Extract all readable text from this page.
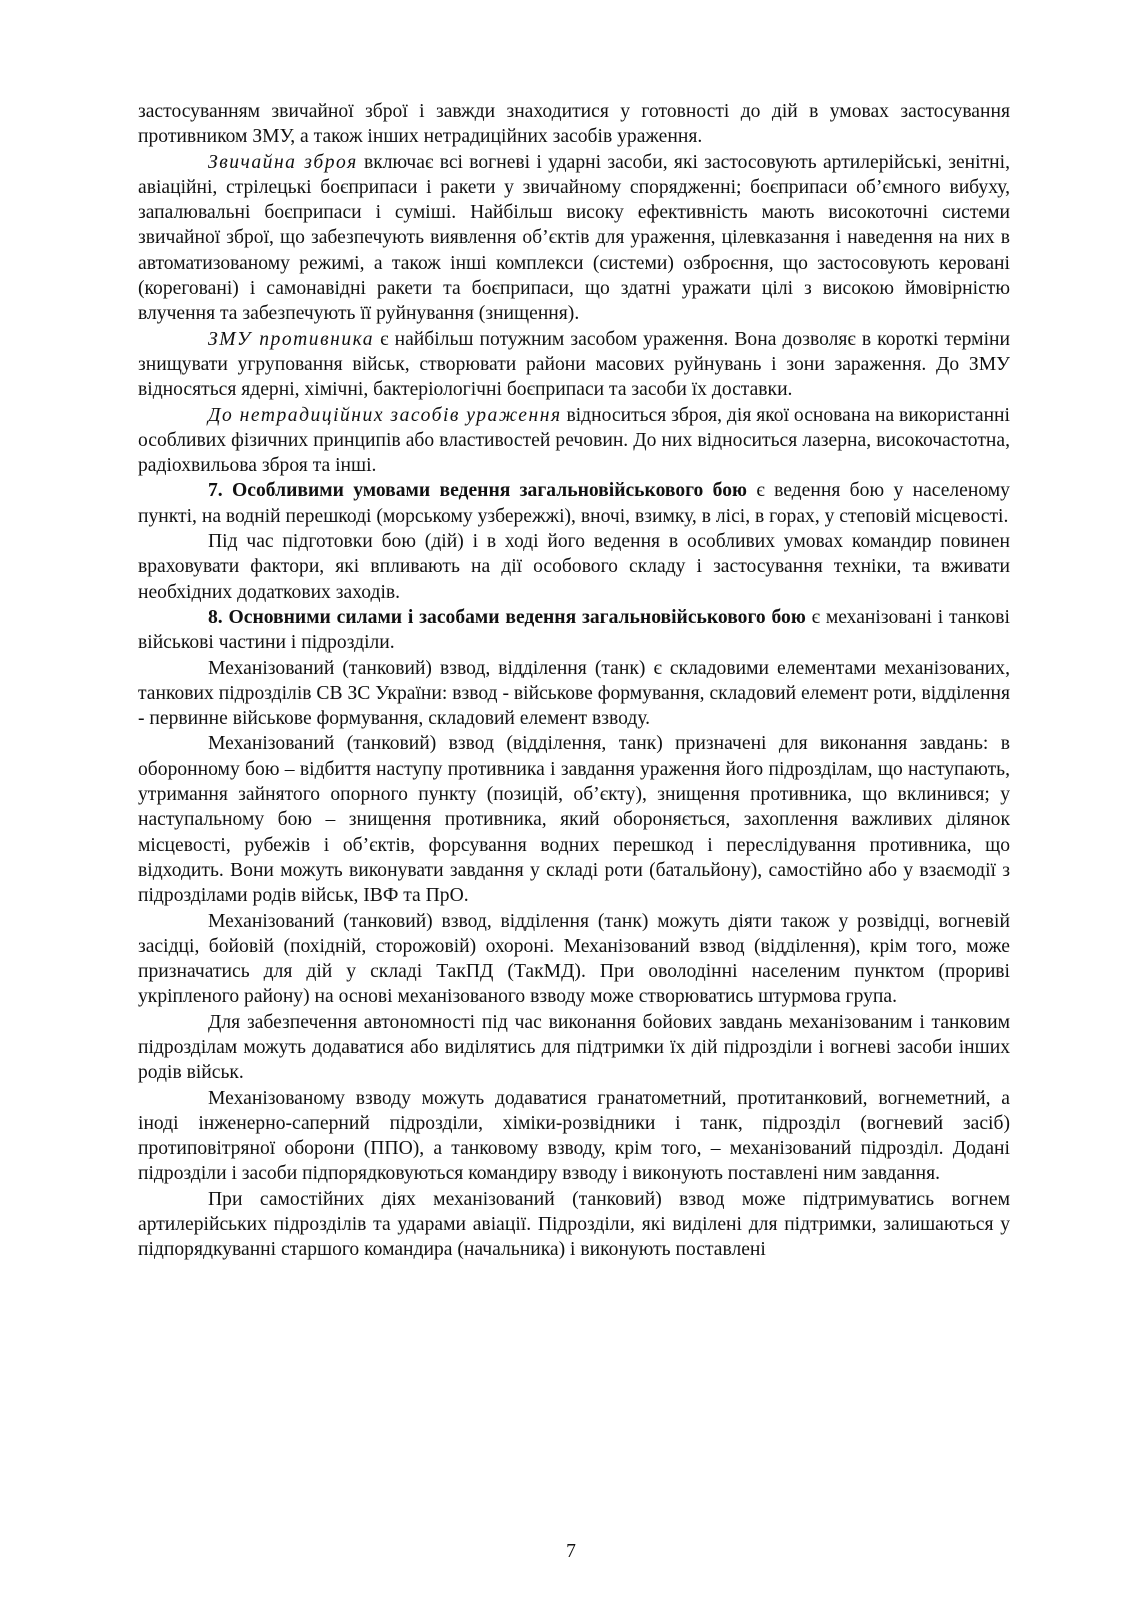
застосуванням звичайної зброї і завжди знаходитися у готовності до дій в умовах застосування противником ЗМУ, а також інших нетрадиційних засобів ураження.

Звичайна зброя включає всі вогневі і ударні засоби, які застосовують артилерійські, зенітні, авіаційні, стрілецькі боєприпаси і ракети у звичайному спорядженні; боєприпаси об’ємного вибуху, запалювальні боєприпаси і суміші. Найбільш високу ефективність мають високоточні системи звичайної зброї, що забезпечують виявлення об’єктів для ураження, цілевказання і наведення на них в автоматизованому режимі, а також інші комплекси (системи) озброєння, що застосовують керовані (кореговані) і самонавідні ракети та боєприпаси, що здатні уражати цілі з високою ймовірністю влучення та забезпечують її руйнування (знищення).

ЗМУ противника є найбільш потужним засобом ураження. Вона дозволяє в короткі терміни знищувати угруповання військ, створювати райони масових руйнувань і зони зараження. До ЗМУ відносяться ядерні, хімічні, бактеріологічні боєприпаси та засоби їх доставки.

До нетрадиційних засобів ураження відноситься зброя, дія якої основана на використанні особливих фізичних принципів або властивостей речовин. До них відноситься лазерна, високочастотна, радіохвильова зброя та інші.

7. Особливими умовами ведення загальновійськового бою є ведення бою у населеному пункті, на водній перешкоді (морському узбережжі), вночі, взимку, в лісі, в горах, у степовій місцевості.

Під час підготовки бою (дій) і в ході його ведення в особливих умовах командир повинен враховувати фактори, які впливають на дії особового складу і застосування техніки, та вживати необхідних додаткових заходів.

8. Основними силами і засобами ведення загальновійськового бою є механізовані і танкові військові частини і підрозділи.

Механізований (танковий) взвод, відділення (танк) є складовими елементами механізованих, танкових підрозділів СВ ЗС України: взвод - військове формування, складовий елемент роти, відділення - первинне військове формування, складовий елемент взводу.

Механізований (танковий) взвод (відділення, танк) призначені для виконання завдань: в оборонному бою – відбиття наступу противника і завдання ураження його підрозділам, що наступають, утримання зайнятого опорного пункту (позицій, об’єкту), знищення противника, що вклинився; у наступальному бою – знищення противника, який обороняється, захоплення важливих ділянок місцевості, рубежів і об’єктів, форсування водних перешкод і переслідування противника, що відходить. Вони можуть виконувати завдання у складі роти (батальйону), самостійно або у взаємодії з підрозділами родів військ, ІВФ та ПрО.

Механізований (танковий) взвод, відділення (танк) можуть діяти також у розвідці, вогневій засідці, бойовій (похідній, сторожовій) охороні. Механізований взвод (відділення), крім того, може призначатись для дій у складі ТакПД (ТакМД). При оволодінні населеним пунктом (прориві укріпленого району) на основі механізованого взводу може створюватись штурмова група.

Для забезпечення автономності під час виконання бойових завдань механізованим і танковим підрозділам можуть додаватися або виділятись для підтримки їх дій підрозділи і вогневі засоби інших родів військ.

Механізованому взводу можуть додаватися гранатометний, протитанковий, вогнеметний, а іноді інженерно-саперний підрозділи, хіміки-розвідники і танк, підрозділ (вогневий засіб) протиповітряної оборони (ППО), а танковому взводу, крім того, – механізований підрозділ. Додані підрозділи і засоби підпорядковуються командиру взводу і виконують поставлені ним завдання.

При самостійних діях механізований (танковий) взвод може підтримуватись вогнем артилерійських підрозділів та ударами авіації. Підрозділи, які виділені для підтримки, залишаються у підпорядкуванні старшого командира (начальника) і виконують поставлені

7
